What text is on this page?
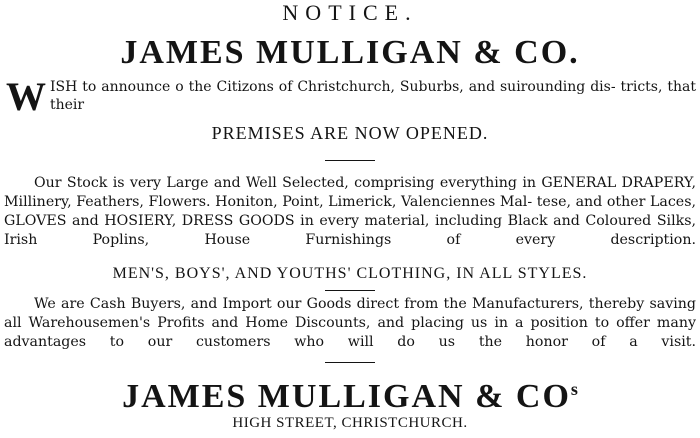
NOTICE.
JAMES MULLIGAN & CO.
W ISH to announce o the Citizons of Christchurch, Suburbs, and suirounding dis- tricts, that their

PREMISES ARE NOW OPENED.
Our Stock is very Large and Well Selected, comprising everything in GENERAL DRAPERY, Millinery, Feathers, Flowers. Honiton, Point, Limerick, Valenciennes Mal- tese, and other Laces, GLOVES and HOSIERY, DRESS GOODS in every material, including Black and Coloured Silks, Irish Poplins, House Furnishings of every description.
MEN'S, BOYS', AND YOUTHS' CLOTHING, IN ALL STYLES.
We are Cash Buyers, and Import our Goods direct from the Manufacturers, thereby saving all Warehousemen's Profits and Home Discounts, and placing us in a position to offer many advantages to our customers who will do us the honor of a visit.
JAMES MULLIGAN & $CO^s$
HIGH STREET, CHRISTCHURCH.
